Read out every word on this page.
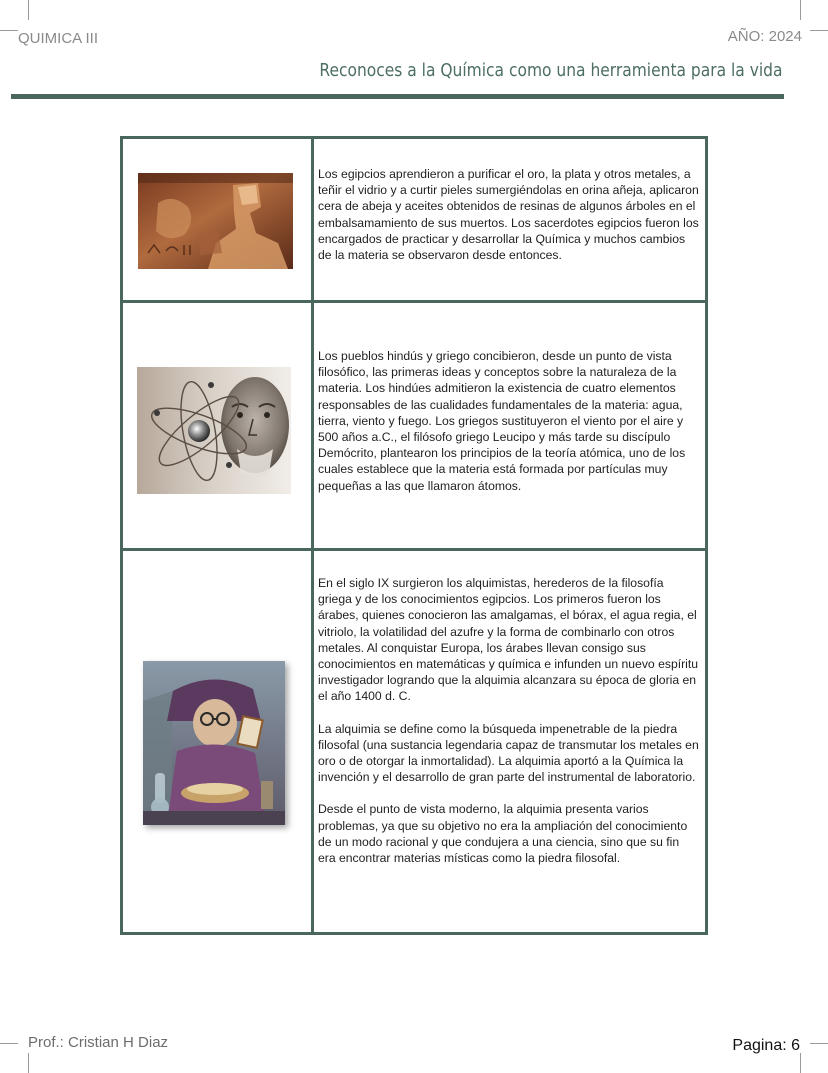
QUIMICA III	AÑO: 2024
Reconoces a la Química como una herramienta para la vida

Los egipcios aprendieron a purificar el oro, la plata y otros metales, a teñir el vidrio y a curtir pieles sumergiéndolas en orina añeja, aplicaron cera de abeja y aceites obtenidos de resinas de algunos árboles en el embalsamamiento de sus muertos. Los sacerdotes egipcios fueron los encargados de practicar y desarrollar la Química y muchos cambios de la materia se observaron desde entonces.

Los pueblos hindús y griego concibieron, desde un punto de vista filosófico, las primeras ideas y conceptos sobre la naturaleza de la materia. Los hindúes admitieron la existencia de cuatro elementos responsables de las cualidades fundamentales de la materia: agua, tierra, viento y fuego. Los griegos sustituyeron el viento por el aire y 500 años a.C., el filósofo griego Leucipo y más tarde su discípulo Demócrito, plantearon los principios de la teoría atómica, uno de los cuales establece que la materia está formada por partículas muy pequeñas a las que llamaron átomos.

En el siglo IX surgieron los alquimistas, herederos de la filosofía griega y de los conocimientos egipcios. Los primeros fueron los árabes, quienes conocieron las amalgamas, el bórax, el agua regia, el vitriolo, la volatilidad del azufre y la forma de combinarlo con otros metales. Al conquistar Europa, los árabes llevan consigo sus conocimientos en matemáticas y química e infunden un nuevo espíritu investigador logrando que la alquimia alcanzara su época de gloria en el año 1400 d. C.

La alquimia se define como la búsqueda impenetrable de la piedra filosofal (una sustancia legendaria capaz de transmutar los metales en oro o de otorgar la inmortalidad). La alquimia aportó a la Química la invención y el desarrollo de gran parte del instrumental de laboratorio.

Desde el punto de vista moderno, la alquimia presenta varios problemas, ya que su objetivo no era la ampliación del conocimiento de un modo racional y que condujera a una ciencia, sino que su fin era encontrar materias místicas como la piedra filosofal.

Prof.: Cristian H Diaz	Pagina: 6
